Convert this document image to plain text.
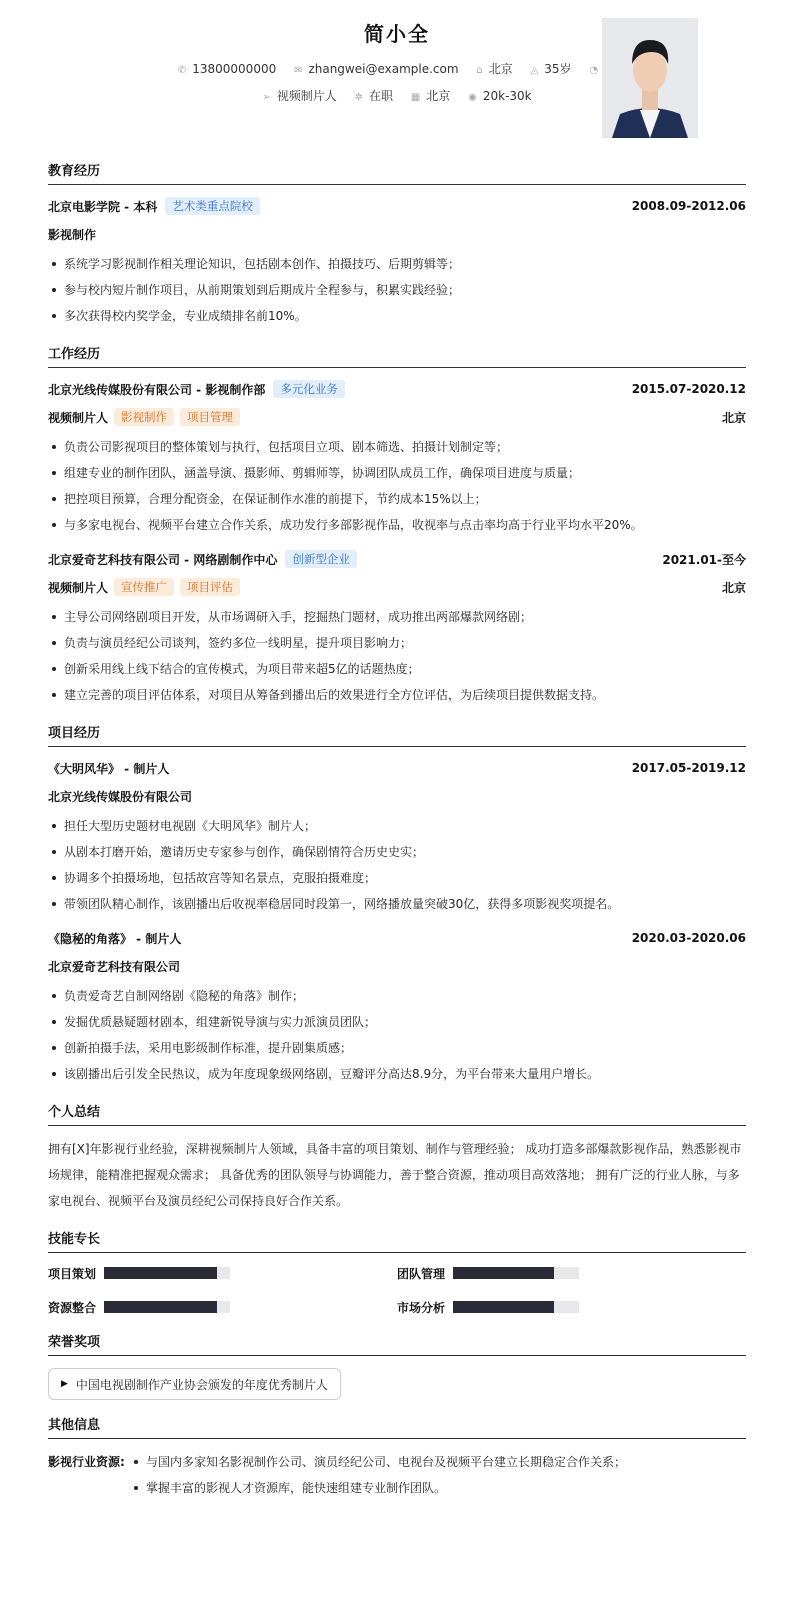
简小全
✆ 13800000000 ✉ zhangwei@example.com ⌂ 北京 ◬ 35岁 ◔
➢ 视频制片人 ✲ 在职 ▦ 北京 ◉ 20k-30k
教育经历
北京电影学院 - 本科	艺术类重点院校	2008.09-2012.06
影视制作
系统学习影视制作相关理论知识，包括剧本创作、拍摄技巧、后期剪辑等；
参与校内短片制作项目，从前期策划到后期成片全程参与，积累实践经验；
多次获得校内奖学金，专业成绩排名前10%。
工作经历
北京光线传媒股份有限公司 - 影视制作部	多元化业务	2015.07-2020.12
视频制片人	影视制作	项目管理	北京
负责公司影视项目的整体策划与执行，包括项目立项、剧本筛选、拍摄计划制定等；
组建专业的制作团队，涵盖导演、摄影师、剪辑师等，协调团队成员工作，确保项目进度与质量；
把控项目预算，合理分配资金，在保证制作水准的前提下，节约成本15%以上；
与多家电视台、视频平台建立合作关系，成功发行多部影视作品，收视率与点击率均高于行业平均水平20%。
北京爱奇艺科技有限公司 - 网络剧制作中心	创新型企业	2021.01-至今
视频制片人	宣传推广	项目评估	北京
主导公司网络剧项目开发，从市场调研入手，挖掘热门题材，成功推出两部爆款网络剧；
负责与演员经纪公司谈判，签约多位一线明星，提升项目影响力；
创新采用线上线下结合的宣传模式，为项目带来超5亿的话题热度；
建立完善的项目评估体系，对项目从筹备到播出后的效果进行全方位评估，为后续项目提供数据支持。
项目经历
《大明风华》 - 制片人	2017.05-2019.12
北京光线传媒股份有限公司
担任大型历史题材电视剧《大明风华》制片人；
从剧本打磨开始，邀请历史专家参与创作，确保剧情符合历史史实；
协调多个拍摄场地，包括故宫等知名景点，克服拍摄难度；
带领团队精心制作，该剧播出后收视率稳居同时段第一，网络播放量突破30亿，获得多项影视奖项提名。
《隐秘的角落》 - 制片人	2020.03-2020.06
北京爱奇艺科技有限公司
负责爱奇艺自制网络剧《隐秘的角落》制作；
发掘优质悬疑题材剧本，组建新锐导演与实力派演员团队；
创新拍摄手法，采用电影级制作标准，提升剧集质感；
该剧播出后引发全民热议，成为年度现象级网络剧，豆瓣评分高达8.9分，为平台带来大量用户增长。
个人总结
拥有[X]年影视行业经验，深耕视频制片人领域，具备丰富的项目策划、制作与管理经验； 成功打造多部爆款影视作品，熟悉影视市
场规律，能精准把握观众需求； 具备优秀的团队领导与协调能力，善于整合资源，推动项目高效落地； 拥有广泛的行业人脉，与多
家电视台、视频平台及演员经纪公司保持良好合作关系。
技能专长
项目策划	团队管理
资源整合	市场分析
荣誉奖项
▶ 中国电视剧制作产业协会颁发的年度优秀制片人
其他信息
影视行业资源:	与国内多家知名影视制作公司、演员经纪公司、电视台及视频平台建立长期稳定合作关系；
掌握丰富的影视人才资源库，能快速组建专业制作团队。
